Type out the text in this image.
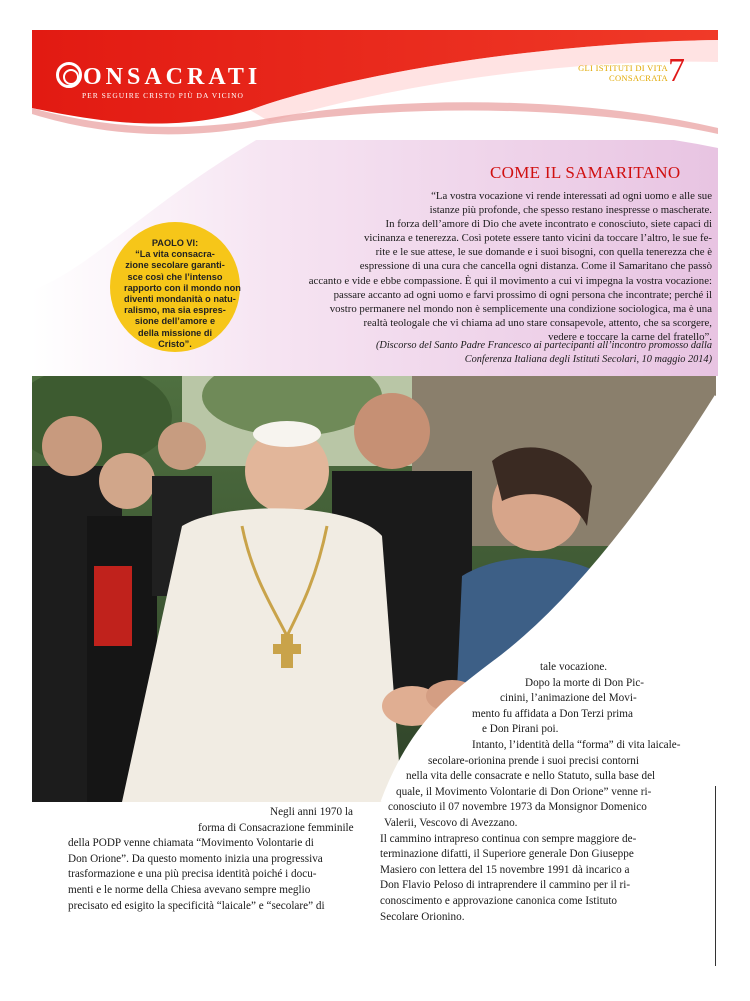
ONSACRATI
PER SEGUIRE CRISTO PIÙ DA VICINO
GLI ISTITUTI DI VITA CONSACRATA 7
COME IL SAMARITANO
“La vostra vocazione vi rende interessati ad ogni uomo e alle sue
istanze più profonde, che spesso restano inespresse o mascherate.
In forza dell’amore di Dio che avete incontrato e conosciuto, siete capaci di
vicinanza e tenerezza. Così potete essere tanto vicini da toccare l’altro, le sue fe-
rite e le sue attese, le sue domande e i suoi bisogni, con quella tenerezza che è
espressione di una cura che cancella ogni distanza. Come il Samaritano che passò
accanto e vide e ebbe compassione. È qui il movimento a cui vi impegna la vostra vocazione:
passare accanto ad ogni uomo e farvi prossimo di ogni persona che incontrate; perché il
vostro permanere nel mondo non è semplicemente una condizione sociologica, ma è una
realtà teologale che vi chiama ad uno stare consapevole, attento, che sa scorgere,
vedere e toccare la carne del fratello”.
(Discorso del Santo Padre Francesco ai partecipanti all’incontro promosso dalla
Conferenza Italiana degli Istituti Secolari, 10 maggio 2014)
PAOLO VI:
“La vita consacra-
zione secolare garanti-
sce così che l’intenso
rapporto con il mondo non
diventi mondanità o natu-
ralismo, ma sia espres-
sione dell’amore e
della missione di
Cristo”.
tale vocazione.
Dopo la morte di Don Pic-
cinini, l’animazione del Movi-
mento fu affidata a Don Terzi prima
e Don Pirani poi.
Intanto, l’identità della “forma” di vita laicale-
secolare-orionina prende i suoi precisi contorni
nella vita delle consacrate e nello Statuto, sulla base del
quale, il Movimento Volontarie di Don Orione” venne ri-
conosciuto il 07 novembre 1973 da Monsignor Domenico
Valerii, Vescovo di Avezzano.
Il cammino intrapreso continua con sempre maggiore de-
terminazione difatti, il Superiore generale Don Giuseppe
Masiero con lettera del 15 novembre 1991 dà incarico a
Don Flavio Peloso di intraprendere il cammino per il ri-
conoscimento e approvazione canonica come Istituto
Secolare Orionino.
Negli anni 1970 la
forma di Consacrazione femminile
della PODP venne chiamata “Movimento Volontarie di
Don Orione”. Da questo momento inizia una progressiva
trasformazione e una più precisa identità poiché i docu-
menti e le norme della Chiesa avevano sempre meglio
precisato ed esigito la specificità “laicale” e “secolare” di
